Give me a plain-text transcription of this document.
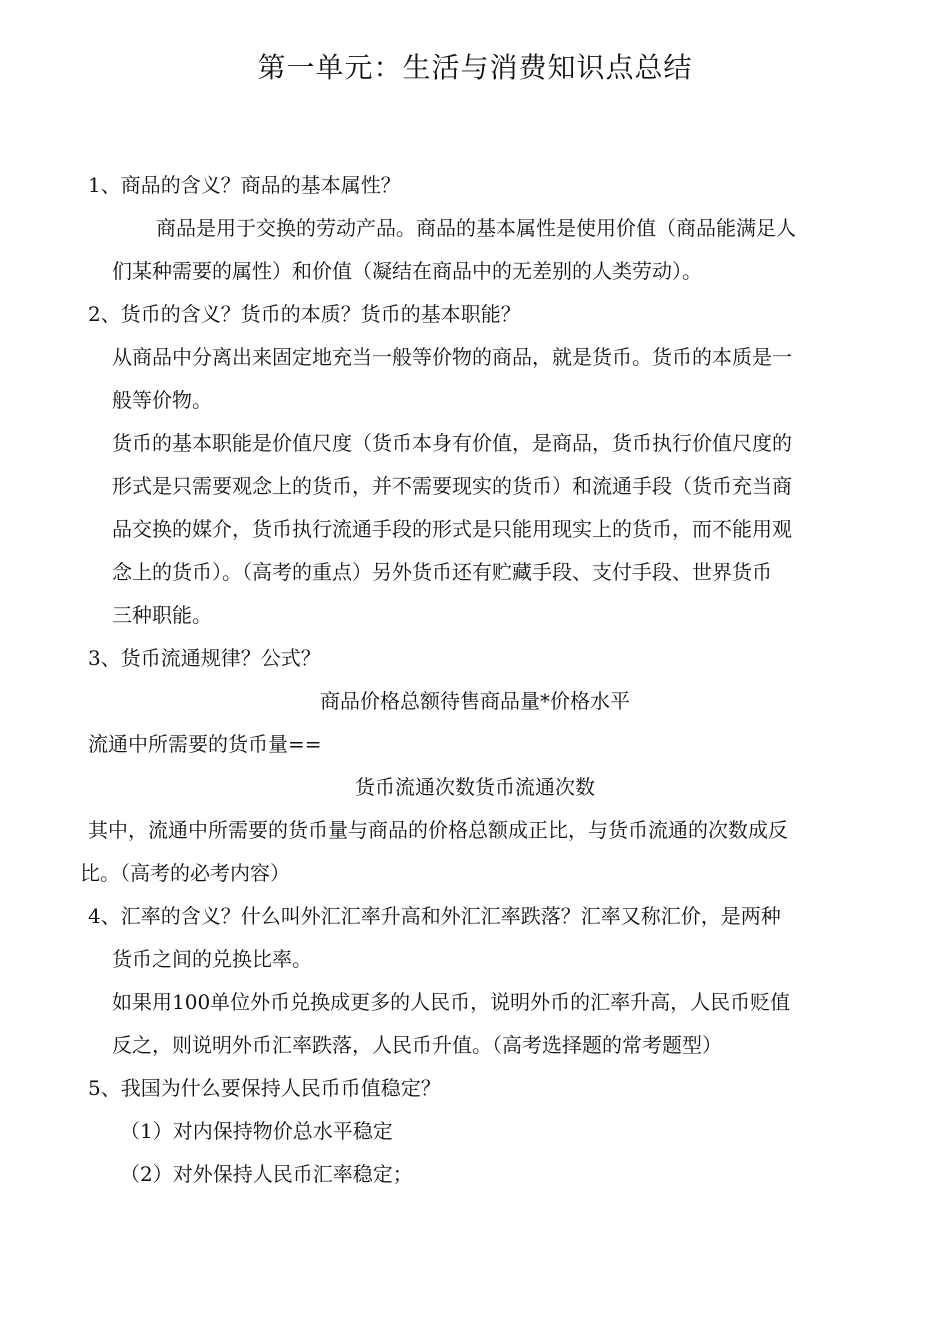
第一单元：生活与消费知识点总结
1、商品的含义？商品的基本属性？
商品是用于交换的劳动产品。商品的基本属性是使用价值（商品能满足人
们某种需要的属性）和价值（凝结在商品中的无差别的人类劳动）。
2、货币的含义？货币的本质？货币的基本职能？
从商品中分离出来固定地充当一般等价物的商品，就是货币。货币的本质是一
般等价物。
货币的基本职能是价值尺度（货币本身有价值，是商品，货币执行价值尺度的
形式是只需要观念上的货币，并不需要现实的货币）和流通手段（货币充当商
品交换的媒介，货币执行流通手段的形式是只能用现实上的货币，而不能用观
念上的货币）。（高考的重点）另外货币还有贮藏手段、支付手段、世界货币
三种职能。
3、货币流通规律？公式？
商品价格总额待售商品量*价格水平
流通中所需要的货币量==
货币流通次数货币流通次数
其中，流通中所需要的货币量与商品的价格总额成正比，与货币流通的次数成反
比。（高考的必考内容）
4、汇率的含义？什么叫外汇汇率升高和外汇汇率跌落？汇率又称汇价，是两种
货币之间的兑换比率。
如果用100单位外币兑换成更多的人民币，说明外币的汇率升高，人民币贬值
反之，则说明外币汇率跌落，人民币升值。（高考选择题的常考题型）
5、我国为什么要保持人民币币值稳定？
（1）对内保持物价总水平稳定
（2）对外保持人民币汇率稳定；
